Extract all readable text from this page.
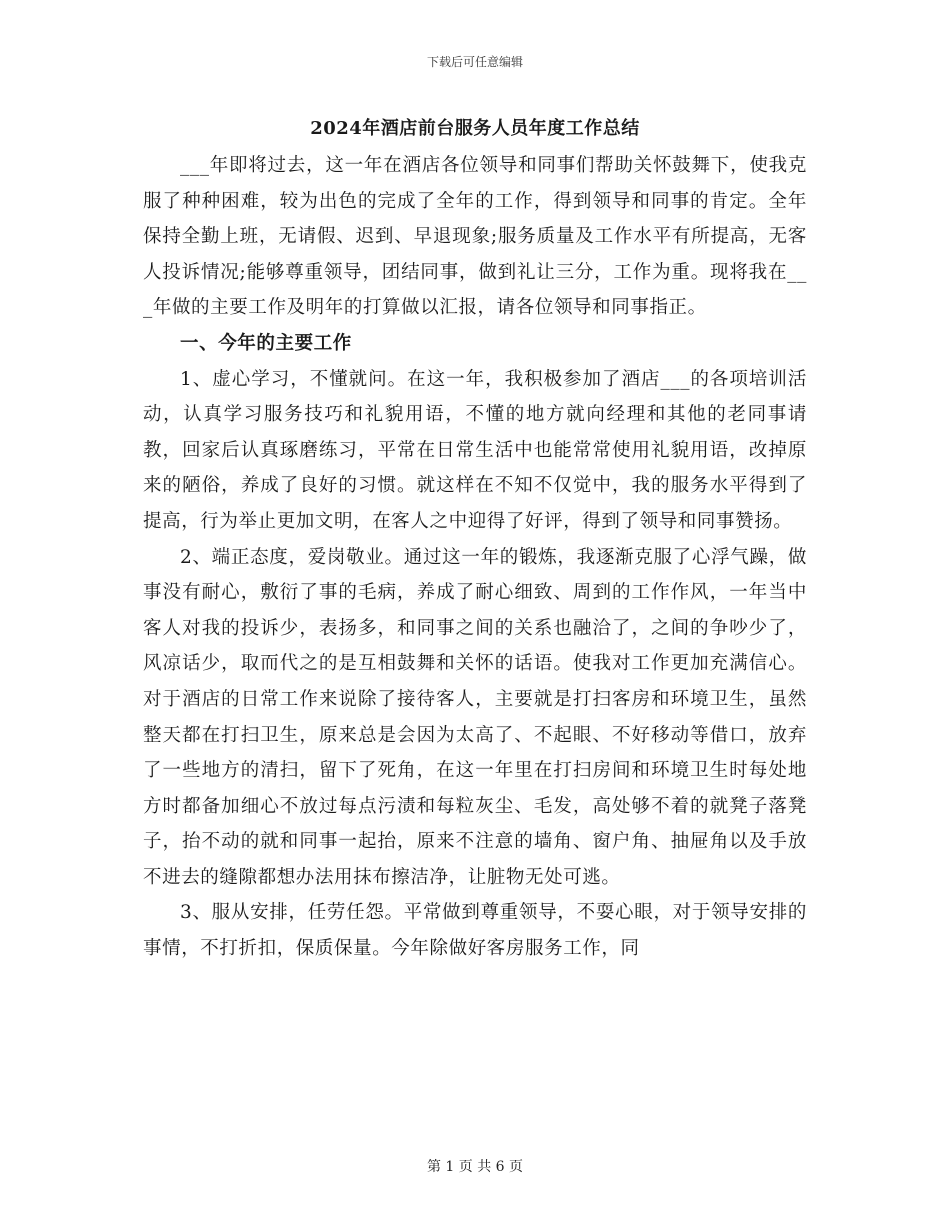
下载后可任意编辑
2024年酒店前台服务人员年度工作总结

___年即将过去，这一年在酒店各位领导和同事们帮助关怀鼓舞下，使我克服了种种困难，较为出色的完成了全年的工作，得到领导和同事的肯定。全年保持全勤上班，无请假、迟到、早退现象;服务质量及工作水平有所提高，无客人投诉情况;能够尊重领导，团结同事，做到礼让三分，工作为重。现将我在___年做的主要工作及明年的打算做以汇报，请各位领导和同事指正。

一、今年的主要工作

1、虚心学习，不懂就问。在这一年，我积极参加了酒店___的各项培训活动，认真学习服务技巧和礼貌用语，不懂的地方就向经理和其他的老同事请教，回家后认真琢磨练习，平常在日常生活中也能常常使用礼貌用语，改掉原来的陋俗，养成了良好的习惯。就这样在不知不仅觉中，我的服务水平得到了提高，行为举止更加文明，在客人之中迎得了好评，得到了领导和同事赞扬。

2、端正态度，爱岗敬业。通过这一年的锻炼，我逐渐克服了心浮气躁，做事没有耐心，敷衍了事的毛病，养成了耐心细致、周到的工作作风，一年当中客人对我的投诉少，表扬多，和同事之间的关系也融洽了，之间的争吵少了，风凉话少，取而代之的是互相鼓舞和关怀的话语。使我对工作更加充满信心。对于酒店的日常工作来说除了接待客人，主要就是打扫客房和环境卫生，虽然整天都在打扫卫生，原来总是会因为太高了、不起眼、不好移动等借口，放弃了一些地方的清扫，留下了死角，在这一年里在打扫房间和环境卫生时每处地方时都备加细心不放过每点污渍和每粒灰尘、毛发，高处够不着的就凳子落凳子，抬不动的就和同事一起抬，原来不注意的墙角、窗户角、抽屉角以及手放不进去的缝隙都想办法用抹布擦洁净，让脏物无处可逃。

3、服从安排，任劳任怨。平常做到尊重领导，不耍心眼，对于领导安排的事情，不打折扣，保质保量。今年除做好客房服务工作，同

第 1 页 共 6 页
